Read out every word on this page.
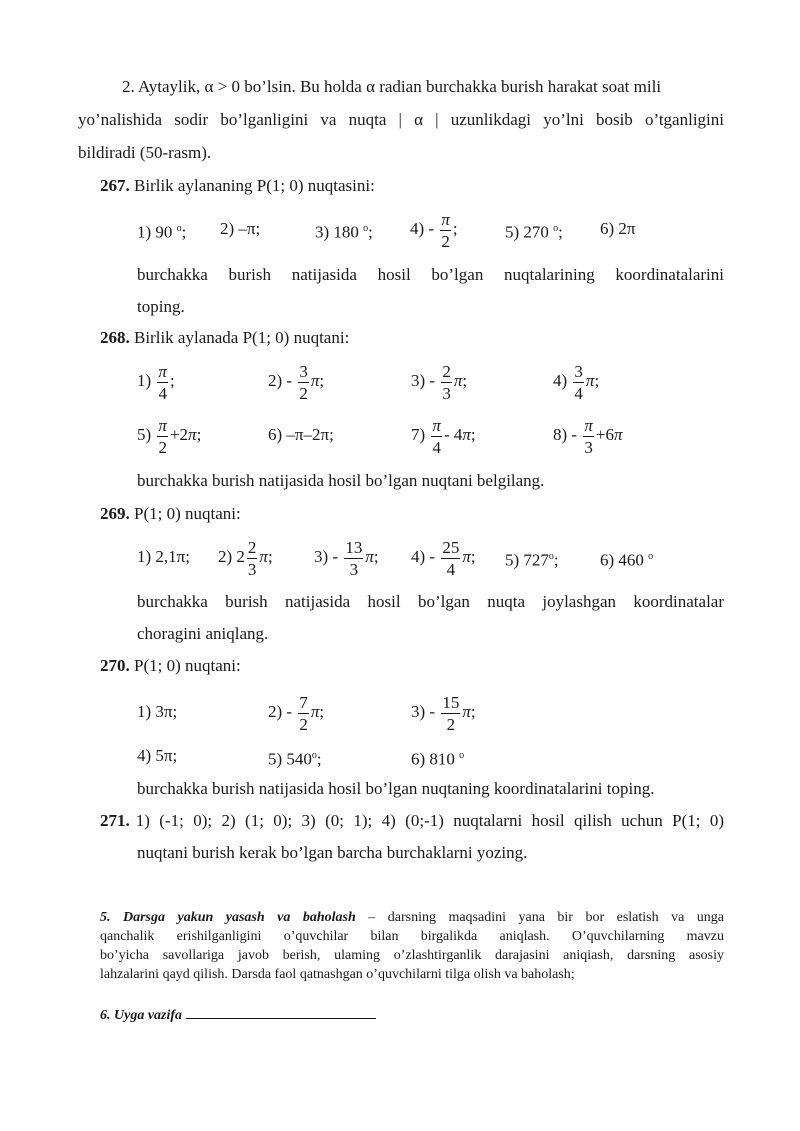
2. Aytaylik, α > 0 bo’lsin. Bu holda α radian burchakka burish harakat soat mili
yo’nalishida sodir bo’lganligini va nuqta | α | uzunlikdagi yo’lni bosib o’tganligini
bildiradi (50-rasm).
267. Birlik aylananing P(1; 0) nuqtasini:
1) 90 $^o$; 2) –π;	3) 180 $^o$; $4) - \frac{\pi}{2}$ ;	5) 270 $^o$; 6) 2π
burchakka burish natijasida hosil bo’lgan nuqtalarining koordinatalarini
toping.
268. Birlik aylanada P(1; 0) nuqtani:
$1) \frac{\pi}{4}$ ;	$2) - \frac{3}{2} \pi$;	$3) - \frac{2}{3} \pi$;	$4) \frac{3}{4} \pi$;
$5) \frac{\pi}{2} +2\pi$;	6) –π–2π;	$7) \frac{\pi}{4} - 4\pi$;	$8) - \frac{\pi}{3} +6\pi$
burchakka burish natijasida hosil bo’lgan nuqtani belgilang.
269. P(1; 0) nuqtani:
1) 2,1π; 2) $2 \frac{2}{3} \pi$; $3) - \frac{13}{3} \pi$; $4) - \frac{25}{4} \pi$; 5) 727$^o$; 6) 460 $^o$
burchakka burish natijasida hosil bo’lgan nuqta joylashgan koordinatalar
choragini aniqlang.
270. P(1; 0) nuqtani:
1) 3π;	$2) - \frac{7}{2} \pi$;	$3) - \frac{15}{2} \pi$;
4) 5π;	5) 540$^o$;	6) 810 $^o$
burchakka burish natijasida hosil bo’lgan nuqtaning koordinatalarini toping.
271. 1) (-1; 0); 2) (1; 0); 3) (0; 1); 4) (0;-1) nuqtalarni hosil qilish uchun P(1; 0)
nuqtani burish kerak bo’lgan barcha burchaklarni yozing.
5. Darsga yakun yasash va baholash – darsning maqsadini yana bir bor eslatish va unga
qanchalik erishilganligini o’quvchilar bilan birgalikda aniqlash. O’quvchilarning mavzu
bo’yicha savollariga javob berish, ulaming o’zlashtirganlik darajasini aniqiash, darsning asosiy
lahzalarini qayd qilish. Darsda faol qatnashgan o’quvchilarni tilga olish va baholash;
6. Uyga vazifa
